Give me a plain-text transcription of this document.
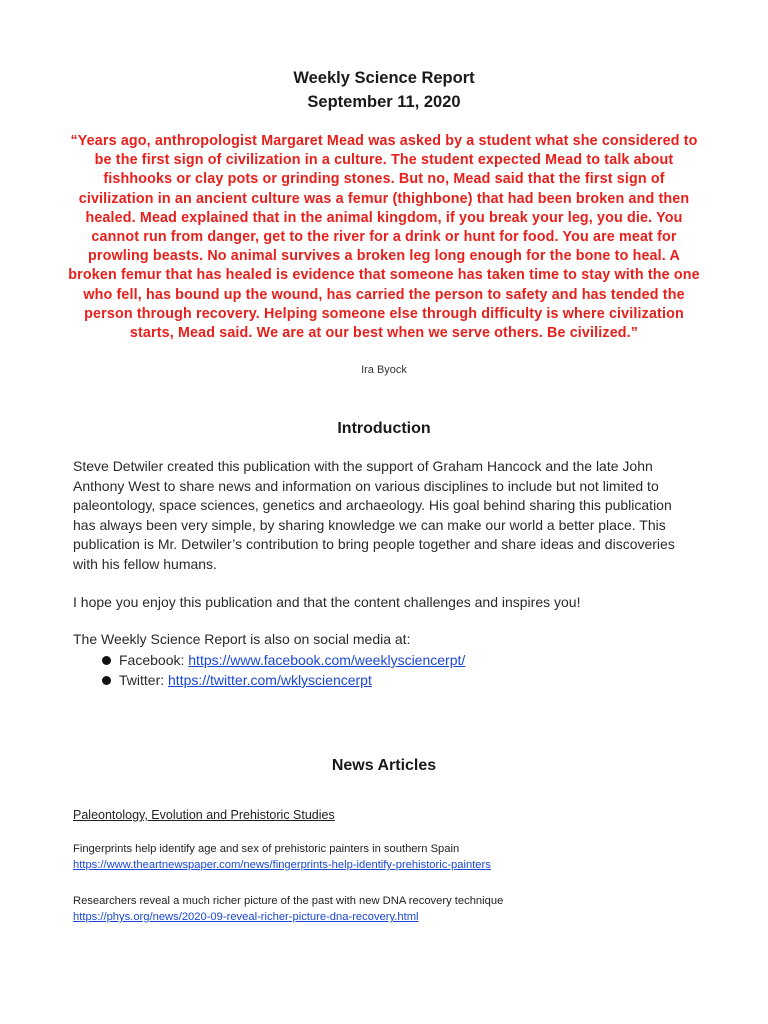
Weekly Science Report
September 11, 2020
“Years ago, anthropologist Margaret Mead was asked by a student what she considered to be the first sign of civilization in a culture. The student expected Mead to talk about fishhooks or clay pots or grinding stones. But no, Mead said that the first sign of civilization in an ancient culture was a femur (thighbone) that had been broken and then healed. Mead explained that in the animal kingdom, if you break your leg, you die. You cannot run from danger, get to the river for a drink or hunt for food. You are meat for prowling beasts. No animal survives a broken leg long enough for the bone to heal. A broken femur that has healed is evidence that someone has taken time to stay with the one who fell, has bound up the wound, has carried the person to safety and has tended the person through recovery. Helping someone else through difficulty is where civilization starts, Mead said. We are at our best when we serve others. Be civilized.”
Ira Byock
Introduction
Steve Detwiler created this publication with the support of Graham Hancock and the late John Anthony West to share news and information on various disciplines to include but not limited to paleontology, space sciences, genetics and archaeology. His goal behind sharing this publication has always been very simple, by sharing knowledge we can make our world a better place. This publication is Mr. Detwiler’s contribution to bring people together and share ideas and discoveries with his fellow humans.
I hope you enjoy this publication and that the content challenges and inspires you!
The Weekly Science Report is also on social media at:
Facebook:
https://www.facebook.com/weeklysciencerpt/
Twitter:
https://twitter.com/wklysciencerpt
News Articles
Paleontology, Evolution and Prehistoric Studies
Fingerprints help identify age and sex of prehistoric painters in southern Spain
https://www.theartnewspaper.com/news/fingerprints-help-identify-prehistoric-painters
Researchers reveal a much richer picture of the past with new DNA recovery technique
https://phys.org/news/2020-09-reveal-richer-picture-dna-recovery.html
